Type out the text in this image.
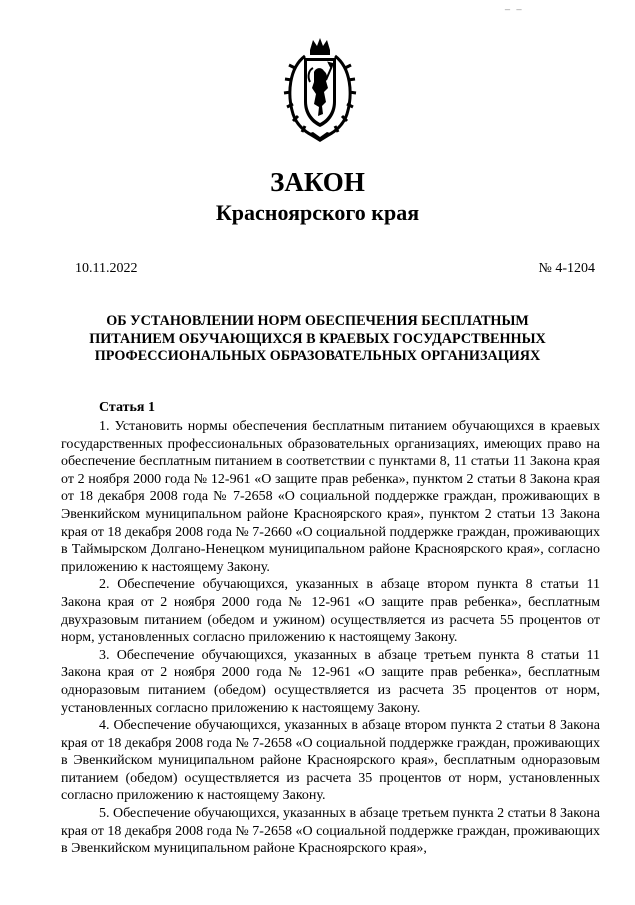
_ _
ЗАКОН
Красноярского края
10.11.2022	№ 4-1204
ОБ УСТАНОВЛЕНИИ НОРМ ОБЕСПЕЧЕНИЯ БЕСПЛАТНЫМ
ПИТАНИЕМ ОБУЧАЮЩИХСЯ В КРАЕВЫХ ГОСУДАРСТВЕННЫХ
ПРОФЕССИОНАЛЬНЫХ ОБРАЗОВАТЕЛЬНЫХ ОРГАНИЗАЦИЯХ
Статья 1

1. Установить нормы обеспечения бесплатным питанием обучающихся в краевых государственных профессиональных образовательных организациях, имеющих право на обеспечение бесплатным питанием в соответствии с пунктами 8, 11 статьи 11 Закона края от 2 ноября 2000 года № 12-961 «О защите прав ребенка», пунктом 2 статьи 8 Закона края от 18 декабря 2008 года № 7-2658 «О социальной поддержке граждан, проживающих в Эвенкийском муниципальном районе Красноярского края», пунктом 2 статьи 13 Закона края от 18 декабря 2008 года № 7-2660 «О социальной поддержке граждан, проживающих в Таймырском Долгано-Ненецком муниципальном районе Красноярского края», согласно приложению к настоящему Закону.

2. Обеспечение обучающихся, указанных в абзаце втором пункта 8 статьи 11 Закона края от 2 ноября 2000 года № 12-961 «О защите прав ребенка», бесплатным двухразовым питанием (обедом и ужином) осуществляется из расчета 55 процентов от норм, установленных согласно приложению к настоящему Закону.

3. Обеспечение обучающихся, указанных в абзаце третьем пункта 8 статьи 11 Закона края от 2 ноября 2000 года № 12-961 «О защите прав ребенка», бесплатным одноразовым питанием (обедом) осуществляется из расчета 35 процентов от норм, установленных согласно приложению к настоящему Закону.

4. Обеспечение обучающихся, указанных в абзаце втором пункта 2 статьи 8 Закона края от 18 декабря 2008 года № 7-2658 «О социальной поддержке граждан, проживающих в Эвенкийском муниципальном районе Красноярского края», бесплатным одноразовым питанием (обедом) осуществляется из расчета 35 процентов от норм, установленных согласно приложению к настоящему Закону.

5. Обеспечение обучающихся, указанных в абзаце третьем пункта 2 статьи 8 Закона края от 18 декабря 2008 года № 7-2658 «О социальной поддержке граждан, проживающих в Эвенкийском муниципальном районе Красноярского края»,
